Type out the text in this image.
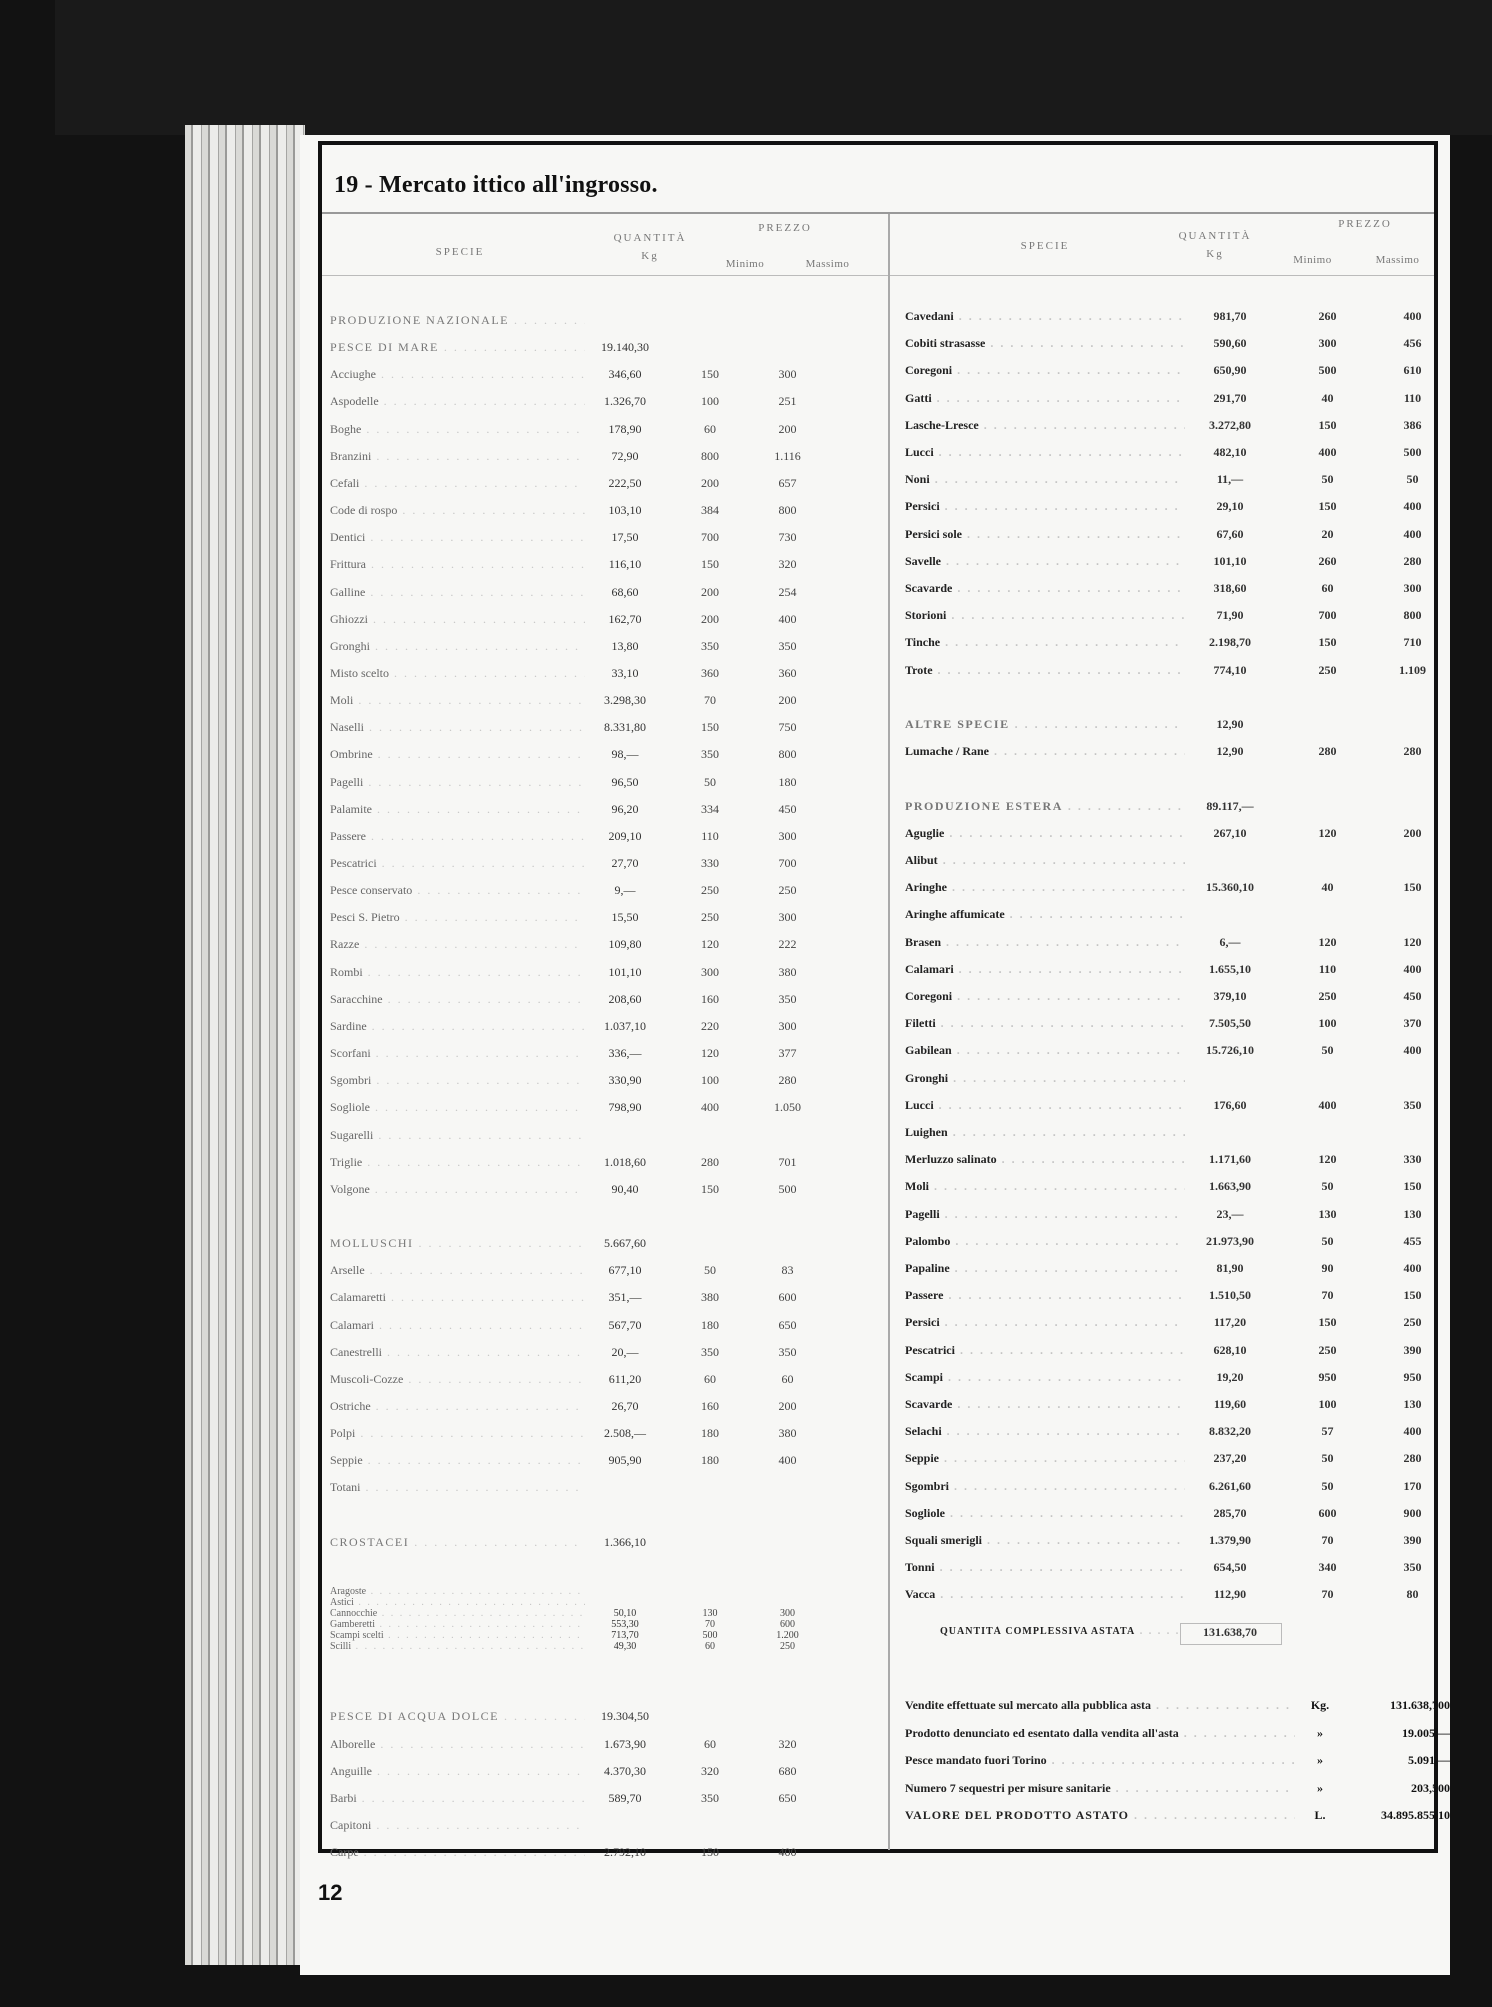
19 - Mercato ittico all'ingrosso.
SPECIE
QUANTITÀ
Kg
PREZZO
Minimo	Massimo
SPECIE
QUANTITÀ
Kg
PREZZO
Minimo	Massimo
PRODUZIONE NAZIONALE . . .
PESCE DI MARE . . .	19.140,30
Acciughe . . .	346,60	150	300
Aspodelle . . .	1.326,70	100	251
Boghe . . .	178,90	60	200
Branzini . . .	72,90	800	1.116
Cefali . . .	222,50	200	657
Code di rospo . . .	103,10	384	800
Dentici . . .	17,50	700	730
Frittura . . .	116,10	150	320
Galline . . .	68,60	200	254
Ghiozzi . . .	162,70	200	400
Gronghi . . .	13,80	350	350
Misto scelto . . .	33,10	360	360
Moli . . .	3.298,30	70	200
Naselli . . .	8.331,80	150	750
Ombrine . . .	98,—	350	800
Pagelli . . .	96,50	50	180
Palamite . . .	96,20	334	450
Passere . . .	209,10	110	300
Pescatrici . . .	27,70	330	700
Pesce conservato . . .	9,—	250	250
Pesci S. Pietro . . .	15,50	250	300
Razze . . .	109,80	120	222
Rombi . . .	101,10	300	380
Saracchine . . .	208,60	160	350
Sardine . . .	1.037,10	220	300
Scorfani . . .	336,—	120	377
Sgombri . . .	330,90	100	280
Sogliole . . .	798,90	400	1.050
Sugarelli . . .
Triglie . . .	1.018,60	280	701
Volgone . . .	90,40	150	500
MOLLUSCHI . . .	5.667,60
Arselle . . .	677,10	50	83
Calamaretti . . .	351,—	380	600
Calamari . . .	567,70	180	650
Canestrelli . . .	20,—	350	350
Muscoli-Cozze . . .	611,20	60	60
Ostriche . . .	26,70	160	200
Polpi . . .	2.508,—	180	380
Seppie . . .	905,90	180	400
Totani . . .
CROSTACEI . . .	1.366,10
Aragoste . . .
Astici . . .
Cannocchie . . .	50,10	130	300
Gamberetti . . .	553,30	70	600
Scampi scelti . . .	713,70	500	1.200
Scilli . . .	49,30	60	250
PESCE DI ACQUA DOLCE . . .	19.304,50
Alborelle . . .	1.673,90	60	320
Anguille . . .	4.370,30	320	680
Barbi . . .	589,70	350	650
Capitoni . . .
Carpe . . .	2.792,10	150	400
Cavedani . . .	981,70	260	400
Cobiti strasasse . . .	590,60	300	456
Coregoni . . .	650,90	500	610
Gatti . . .	291,70	40	110
Lasche-Lresce . . .	3.272,80	150	386
Lucci . . .	482,10	400	500
Noni . . .	11,—	50	50
Persici . . .	29,10	150	400
Persici sole . . .	67,60	20	400
Savelle . . .	101,10	260	280
Scavarde . . .	318,60	60	300
Storioni . . .	71,90	700	800
Tinche . . .	2.198,70	150	710
Trote . . .	774,10	250	1.109
ALTRE SPECIE . . .	12,90
Lumache / Rane . . .	12,90	280	280
PRODUZIONE ESTERA . . .	89.117,—
Aguglie . . .	267,10	120	200
Alibut . . .
Aringhe . . .	15.360,10	40	150
Aringhe affumicate . . .
Brasen . . .	6,—	120	120
Calamari . . .	1.655,10	110	400
Coregoni . . .	379,10	250	450
Filetti . . .	7.505,50	100	370
Gabilean . . .	15.726,10	50	400
Gronghi . . .
Lucci . . .	176,60	400	350
Luighen . . .
Merluzzo salinato . . .	1.171,60	120	330
Moli . . .	1.663,90	50	150
Pagelli . . .	23,—	130	130
Palombo . . .	21.973,90	50	455
Papaline . . .	81,90	90	400
Passere . . .	1.510,50	70	150
Persici . . .	117,20	150	250
Pescatrici . . .	628,10	250	390
Scampi . . .	19,20	950	950
Scavarde . . .	119,60	100	130
Selachi . . .	8.832,20	57	400
Seppie . . .	237,20	50	280
Sgombri . . .	6.261,60	50	170
Sogliole . . .	285,70	600	900
Squali smerigli . . .	1.379,90	70	390
Tonni . . .	654,50	340	350
Vacca . . .	112,90	70	80
QUANTITÀ COMPLESSIVA ASTATA . . .	131.638,70
Vendite effettuate sul mercato alla pubblica asta . . .	Kg.	131.638,700
Prodotto denunciato ed esentato dalla vendita all'asta . . .	»	19.005,—
Pesce mandato fuori Torino . . .	»	5.091,—
Numero 7 sequestri per misure sanitarie . . .	»	203,500
VALORE DEL PRODOTTO ASTATO . . .	L.	34.895.855,10
12
